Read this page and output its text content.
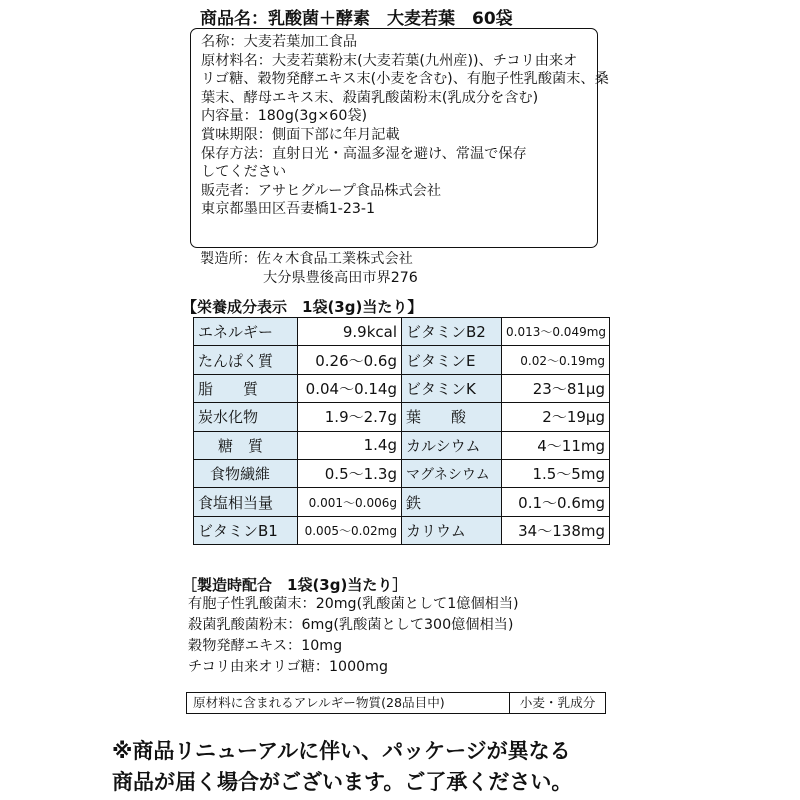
商品名：乳酸菌＋酵素　大麦若葉　60袋
名称：大麦若葉加工食品
原材料名：大麦若葉粉末(大麦若葉(九州産))、チコリ由来オ
リゴ糖、穀物発酵エキス末(小麦を含む)、有胞子性乳酸菌末、桑
葉末、酵母エキス末、殺菌乳酸菌粉末(乳成分を含む)
内容量：180g(3g×60袋)
賞味期限：側面下部に年月記載
保存方法：直射日光・高温多湿を避け、常温で保存
してください
販売者：アサヒグループ食品株式会社
東京都墨田区吾妻橋1-23-1
製造所：佐々木食品工業株式会社
大分県豊後高田市界276
【栄養成分表示　1袋(3g)当たり】
エネルギー	9.9kcal	ビタミンB2	0.013～0.049mg
たんぱく質	0.26～0.6g	ビタミンE	0.02～0.19mg
脂　　質	0.04～0.14g	ビタミンK	23～81μg
炭水化物	1.9～2.7g	葉　　酸	2～19μg
糖　質	1.4g	カルシウム	4～11mg
食物繊維	0.5～1.3g	マグネシウム	1.5～5mg
食塩相当量	0.001～0.006g	鉄	0.1～0.6mg
ビタミンB1	0.005～0.02mg	カリウム	34～138mg
［製造時配合　1袋(3g)当たり］
有胞子性乳酸菌末：20mg(乳酸菌として1億個相当)
殺菌乳酸菌粉末：6mg(乳酸菌として300億個相当)
穀物発酵エキス：10mg
チコリ由来オリゴ糖：1000mg
原材料に含まれるアレルギー物質(28品目中)	小麦・乳成分
※商品リニューアルに伴い、パッケージが異なる
商品が届く場合がございます。ご了承ください。
